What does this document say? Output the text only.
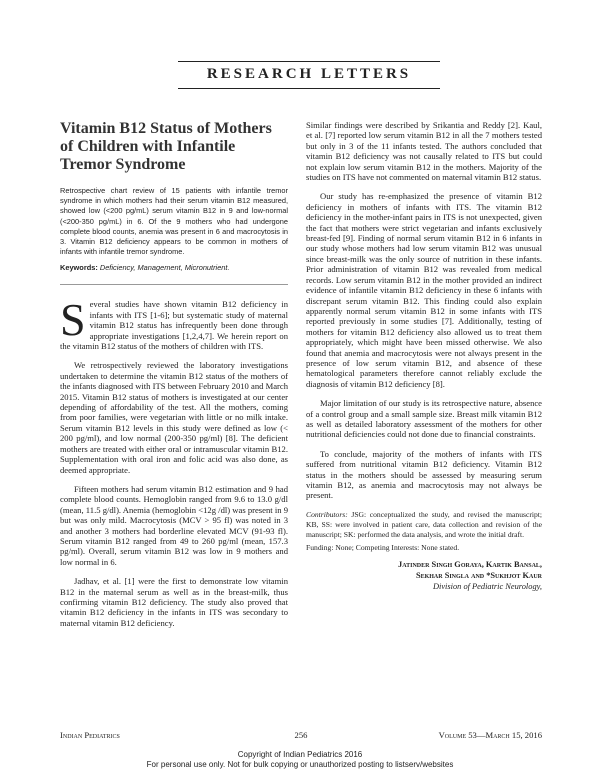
RESEARCH LETTERS
Vitamin B12 Status of Mothers of Children with Infantile Tremor Syndrome

Retrospective chart review of 15 patients with infantile tremor syndrome in which mothers had their serum vitamin B12 measured, showed low (<200 pg/mL) serum vitamin B12 in 9 and low-normal (<200-350 pg/mL) in 6. Of the 9 mothers who had undergone complete blood counts, anemia was present in 6 and macrocytosis in 3. Vitamin B12 deficiency appears to be common in mothers of infants with infantile tremor syndrome.

Keywords: Deficiency, Management, Micronutrient.

Several studies have shown vitamin B12 deficiency in infants with ITS [1-6]; but systematic study of maternal vitamin B12 status has infrequently been done through appropriate investigations [1,2,4,7]. We herein report on the vitamin B12 status of the mothers of children with ITS.

We retrospectively reviewed the laboratory investigations undertaken to determine the vitamin B12 status of the mothers of the infants diagnosed with ITS between February 2010 and March 2015. Vitamin B12 status of mothers is investigated at our center depending of affordability of the test. All the mothers, coming from poor families, were vegetarian with little or no milk intake. Serum vitamin B12 levels in this study were defined as low (< 200 pg/ml), and low normal (200-350 pg/ml) [8]. The deficient mothers are treated with either oral or intramuscular vitamin B12. Supplementation with oral iron and folic acid was also done, as deemed appropriate.

Fifteen mothers had serum vitamin B12 estimation and 9 had complete blood counts. Hemoglobin ranged from 9.6 to 13.0 g/dl (mean, 11.5 g/dl). Anemia (hemoglobin <12g /dl) was present in 9 but was only mild. Macrocytosis (MCV > 95 fl) was noted in 3 and another 3 mothers had borderline elevated MCV (91-93 fl). Serum vitamin B12 ranged from 49 to 260 pg/ml (mean, 157.3 pg/ml). Overall, serum vitamin B12 was low in 9 mothers and low normal in 6.

Jadhav, et al. [1] were the first to demonstrate low vitamin B12 in the maternal serum as well as in the breast-milk, thus confirming vitamin B12 deficiency. The study also proved that vitamin B12 deficiency in the infants in ITS was secondary to maternal vitamin B12 deficiency.

Similar findings were described by Srikantia and Reddy [2]. Kaul, et al. [7] reported low serum vitamin B12 in all the 7 mothers tested but only in 3 of the 11 infants tested. The authors concluded that vitamin B12 deficiency was not causally related to ITS but could not explain low serum vitamin B12 in the mothers. Majority of the studies on ITS have not commented on maternal vitamin B12 status.

Our study has re-emphasized the presence of vitamin B12 deficiency in mothers of infants with ITS. The vitamin B12 deficiency in the mother-infant pairs in ITS is not unexpected, given the fact that mothers were strict vegetarian and infants exclusively breast-fed [9]. Finding of normal serum vitamin B12 in 6 infants in our study whose mothers had low serum vitamin B12 was unusual since breast-milk was the only source of nutrition in these infants. Prior administration of vitamin B12 was revealed from medical records. Low serum vitamin B12 in the mother provided an indirect evidence of infantile vitamin B12 deficiency in these 6 infants with discrepant serum vitamin B12. This finding could also explain apparently normal serum vitamin B12 in some infants with ITS reported previously in some studies [7]. Additionally, testing of mothers for vitamin B12 deficiency also allowed us to treat them appropriately, which might have been missed otherwise. We also found that anemia and macrocytosis were not always present in the presence of low serum vitamin B12, and absence of these hematological parameters therefore cannot reliably exclude the diagnosis of vitamin B12 deficiency [8].

Major limitation of our study is its retrospective nature, absence of a control group and a small sample size. Breast milk vitamin B12 as well as detailed laboratory assessment of the mothers for other nutritional deficiencies could not done due to financial constraints.

To conclude, majority of the mothers of infants with ITS suffered from nutritional vitamin B12 deficiency. Vitamin B12 status in the mothers should be assessed by measuring serum vitamin B12, as anemia and macrocytosis may not always be present.

Contributors: JSG: conceptualized the study, and revised the manuscript; KB, SS: were involved in patient care, data collection and revision of the manuscript; SK: performed the data analysis, and wrote the initial draft.

Funding: None; Competing Interests: None stated.

Jatinder Singh Goraya, Kartik Bansal,
Sekhar Singla and *Sukhjot Kaur
Division of Pediatric Neurology,
Indian Pediatrics	256	Volume 53—March 15, 2016
Copyright of Indian Pediatrics 2016
For personal use only. Not for bulk copying or unauthorized posting to listserv/websites
